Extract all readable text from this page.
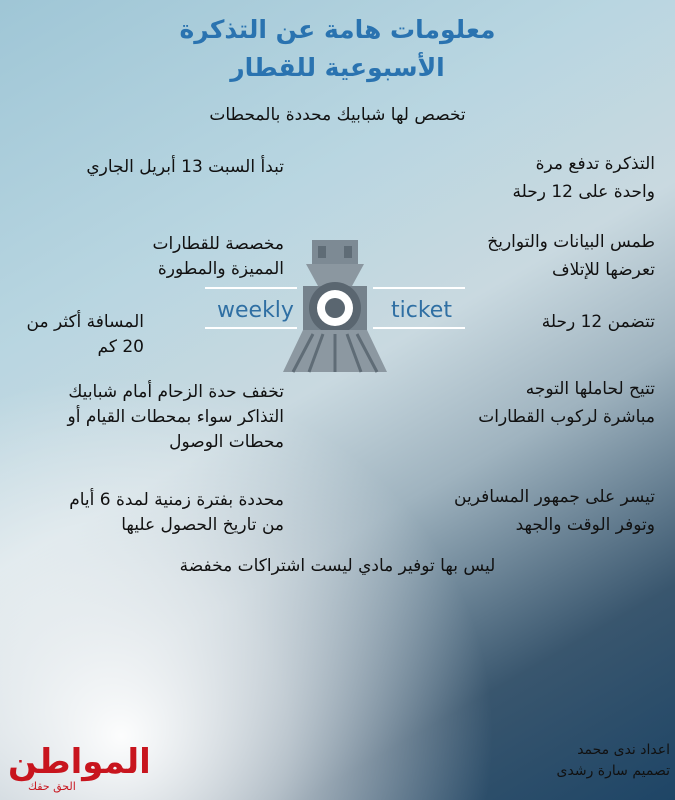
معلومات هامة عن التذكرة
الأسبوعية للقطار
تخصص لها شبابيك محددة بالمحطات
التذكرة تدفع مرة
واحدة على 12 رحلة
طمس البيانات والتواريخ
تعرضها للإتلاف
تتضمن 12 رحلة
تتيح لحاملها التوجه
مباشرة لركوب القطارات
تيسر على جمهور المسافرين
وتوفر الوقت والجهد
تبدأ السبت 13 أبريل الجاري
مخصصة للقطارات
المميزة والمطورة
المسافة أكثر من
20 كم
تخفف حدة الزحام أمام شبابيك
التذاكر سواء بمحطات القيام أو
محطات الوصول
محددة بفترة زمنية لمدة 6 أيام
من تاريخ الحصول عليها
weekly	ticket
ليس بها توفير مادي ليست اشتراكات مخفضة
اعداد ندى محمد
تصميم سارة رشدى
المواطن
الحق حقك
